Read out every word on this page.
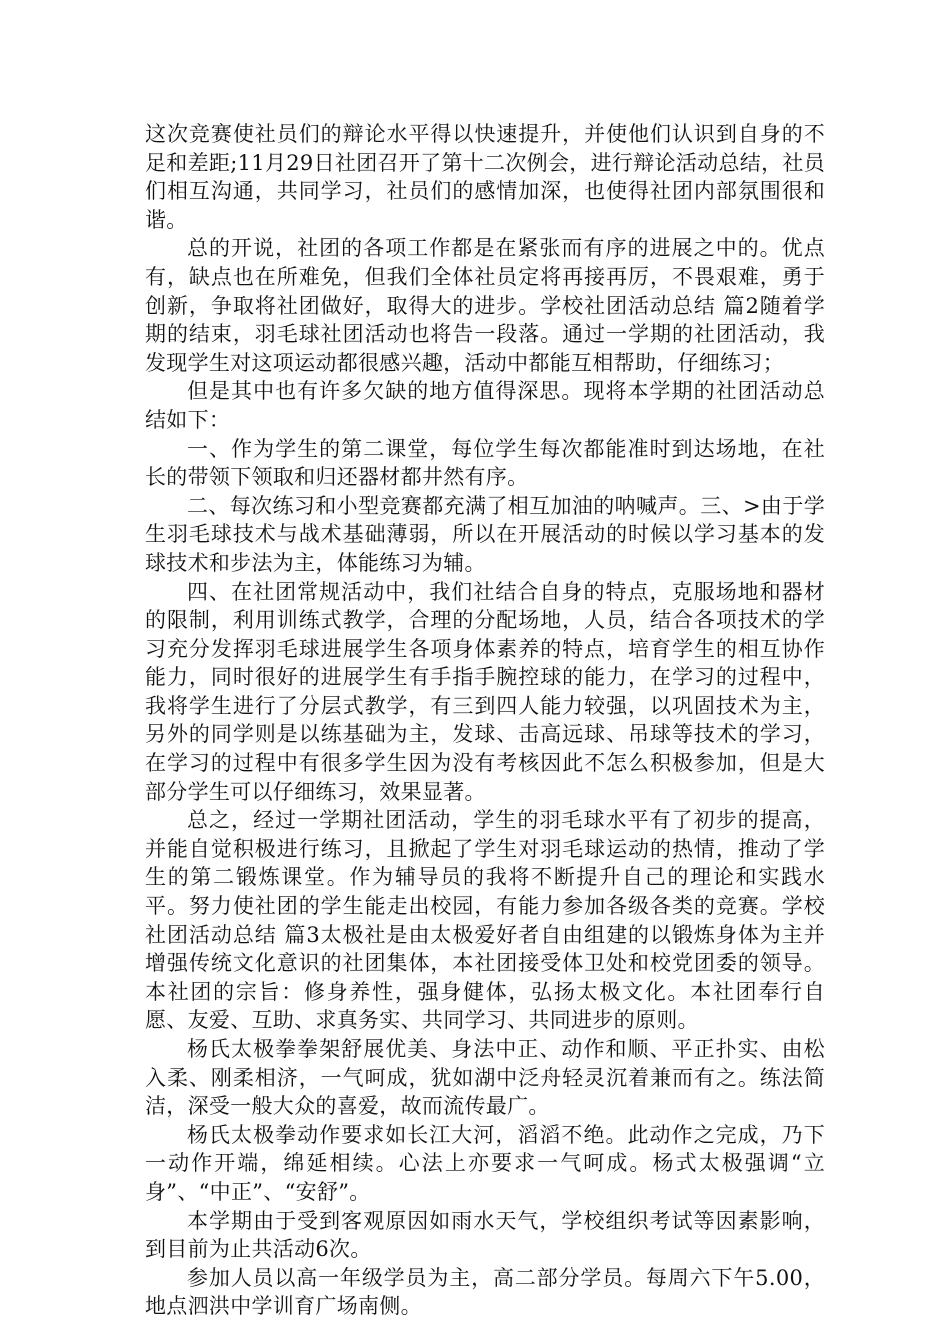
这次竞赛使社员们的辩论水平得以快速提升，并使他们认识到自身的不足和差距;11月29日社团召开了第十二次例会，进行辩论活动总结，社员们相互沟通，共同学习，社员们的感情加深，也使得社团内部氛围很和谐。

总的开说，社团的各项工作都是在紧张而有序的进展之中的。优点有，缺点也在所难免，但我们全体社员定将再接再厉，不畏艰难，勇于创新，争取将社团做好，取得大的进步。学校社团活动总结 篇2随着学期的结束，羽毛球社团活动也将告一段落。通过一学期的社团活动，我发现学生对这项运动都很感兴趣，活动中都能互相帮助，仔细练习；

但是其中也有许多欠缺的地方值得深思。现将本学期的社团活动总结如下：

一、作为学生的第二课堂，每位学生每次都能准时到达场地，在社长的带领下领取和归还器材都井然有序。

二、每次练习和小型竞赛都充满了相互加油的呐喊声。三、>由于学生羽毛球技术与战术基础薄弱，所以在开展活动的时候以学习基本的发球技术和步法为主，体能练习为辅。

四、在社团常规活动中，我们社结合自身的特点，克服场地和器材的限制，利用训练式教学，合理的分配场地，人员，结合各项技术的学习充分发挥羽毛球进展学生各项身体素养的特点，培育学生的相互协作能力，同时很好的进展学生有手指手腕控球的能力，在学习的过程中，我将学生进行了分层式教学，有三到四人能力较强，以巩固技术为主，另外的同学则是以练基础为主，发球、击高远球、吊球等技术的学习，在学习的过程中有很多学生因为没有考核因此不怎么积极参加，但是大部分学生可以仔细练习，效果显著。

总之，经过一学期社团活动，学生的羽毛球水平有了初步的提高，并能自觉积极进行练习，且掀起了学生对羽毛球运动的热情，推动了学生的第二锻炼课堂。作为辅导员的我将不断提升自己的理论和实践水平。努力使社团的学生能走出校园，有能力参加各级各类的竞赛。学校社团活动总结 篇3太极社是由太极爱好者自由组建的以锻炼身体为主并增强传统文化意识的社团集体，本社团接受体卫处和校党团委的领导。本社团的宗旨：修身养性，强身健体，弘扬太极文化。本社团奉行自愿、友爱、互助、求真务实、共同学习、共同进步的原则。

杨氏太极拳拳架舒展优美、身法中正、动作和顺、平正扑实、由松入柔、刚柔相济，一气呵成，犹如湖中泛舟轻灵沉着兼而有之。练法简洁，深受一般大众的喜爱，故而流传最广。

杨氏太极拳动作要求如长江大河，滔滔不绝。此动作之完成，乃下一动作开端，绵延相续。心法上亦要求一气呵成。杨式太极强调“立身”、“中正”、“安舒”。

本学期由于受到客观原因如雨水天气，学校组织考试等因素影响，到目前为止共活动6次。

参加人员以高一年级学员为主，高二部分学员。每周六下午5.00，地点泗洪中学训育广场南侧。
